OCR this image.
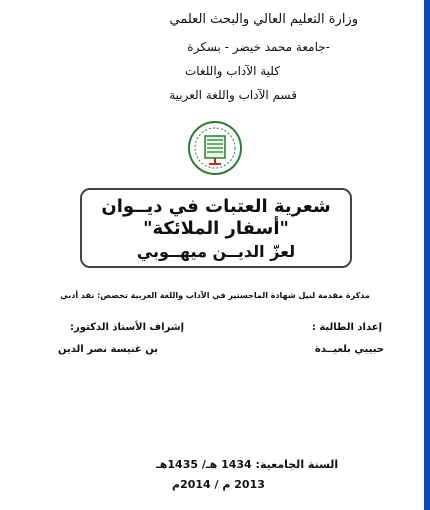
وزارة التعليم العالي والبحث العلمي
جامعة محمد خيضر - بسكرة-
كلية الآداب واللغات
قسم الآداب واللغة العربية
شعرية العتبات في ديــوان
"أسفار الملائكة"
لعزّ الديــن ميهــوبي
مذكرة مقدمة لنيل شهادة الماجستير في الآداب واللغة العربية تخصص: نقد أدبي
إعداد الطالبة :
حبيبي بلعيــدة
إشراف الأستاذ الدكتور:
بن غنيسة نصر الدين
السنة الجامعية: 1434 هـ/ 1435هـ
2013 م / 2014م
